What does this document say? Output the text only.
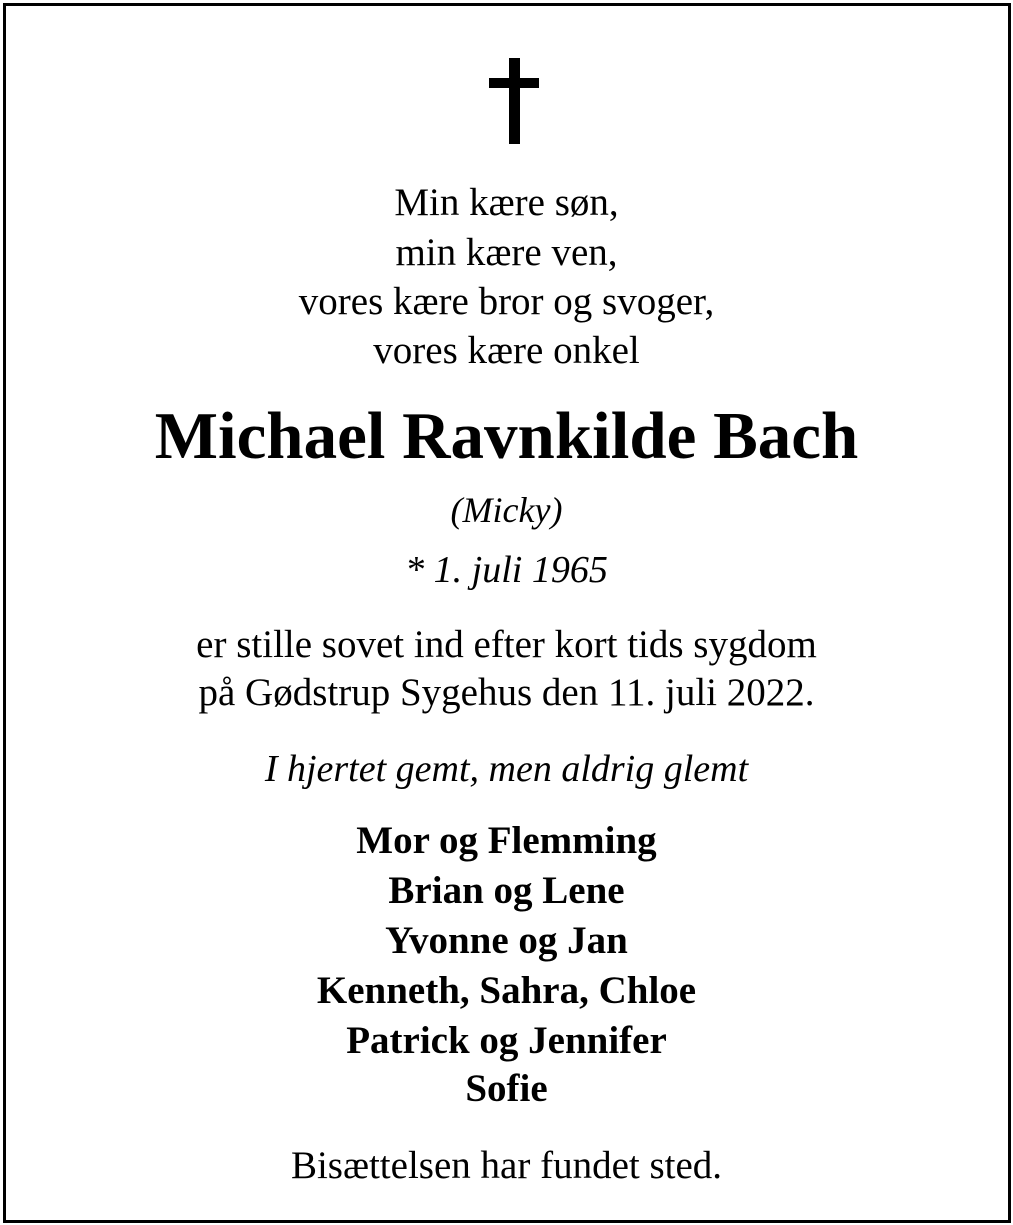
Min kære søn,
min kære ven,
vores kære bror og svoger,
vores kære onkel
Michael Ravnkilde Bach
(Micky)
* 1. juli 1965
er stille sovet ind efter kort tids sygdom
på Gødstrup Sygehus den 11. juli 2022.
I hjertet gemt, men aldrig glemt
Mor og Flemming
Brian og Lene
Yvonne og Jan
Kenneth, Sahra, Chloe
Patrick og Jennifer
Sofie
Bisættelsen har fundet sted.
